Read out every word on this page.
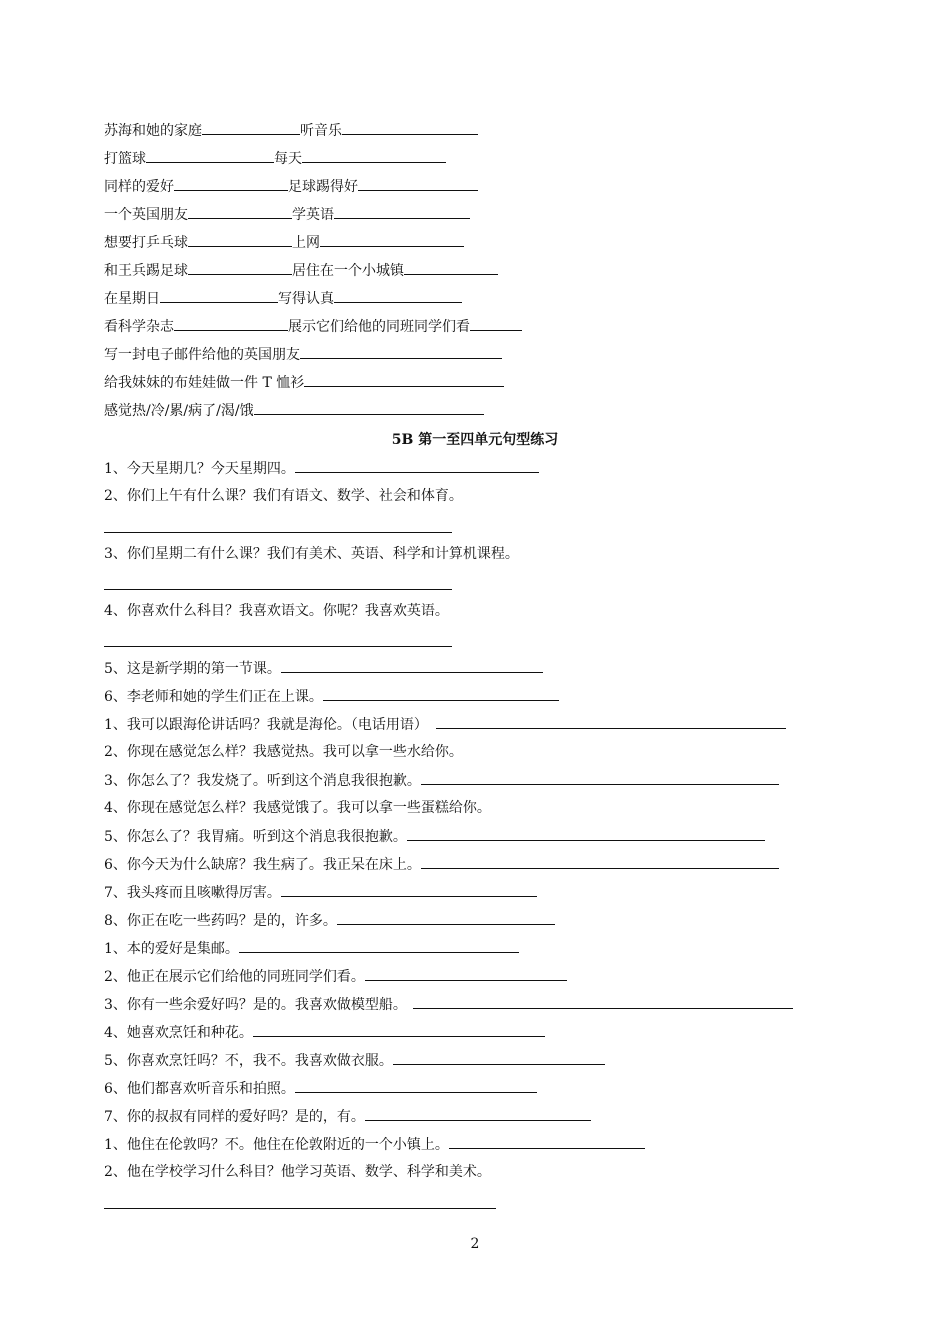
苏海和她的家庭	听音乐
打篮球	每天
同样的爱好	足球踢得好
一个英国朋友	学英语
想要打乒乓球	上网
和王兵踢足球	居住在一个小城镇
在星期日	写得认真
看科学杂志	展示它们给他的同班同学们看
写一封电子邮件给他的英国朋友
给我妹妹的布娃娃做一件 T 恤衫
感觉热/冷/累/病了/渴/饿
5B 第一至四单元句型练习
1、今天星期几？今天星期四。
2、你们上午有什么课？我们有语文、数学、社会和体育。
3、你们星期二有什么课？我们有美术、英语、科学和计算机课程。
4、你喜欢什么科目？我喜欢语文。你呢？我喜欢英语。
5、这是新学期的第一节课。
6、李老师和她的学生们正在上课。
1、我可以跟海伦讲话吗？我就是海伦。（电话用语）
2、你现在感觉怎么样？我感觉热。我可以拿一些水给你。
3、你怎么了？我发烧了。听到这个消息我很抱歉。
4、你现在感觉怎么样？我感觉饿了。我可以拿一些蛋糕给你。
5、你怎么了？我胃痛。听到这个消息我很抱歉。
6、你今天为什么缺席？我生病了。我正呆在床上。
7、我头疼而且咳嗽得厉害。
8、你正在吃一些药吗？是的，许多。
1、本的爱好是集邮。
2、他正在展示它们给他的同班同学们看。
3、你有一些余爱好吗？是的。我喜欢做模型船。
4、她喜欢烹饪和种花。
5、你喜欢烹饪吗？不，我不。我喜欢做衣服。
6、他们都喜欢听音乐和拍照。
7、你的叔叔有同样的爱好吗？是的，有。
1、他住在伦敦吗？不。他住在伦敦附近的一个小镇上。
2、他在学校学习什么科目？他学习英语、数学、科学和美术。
2
